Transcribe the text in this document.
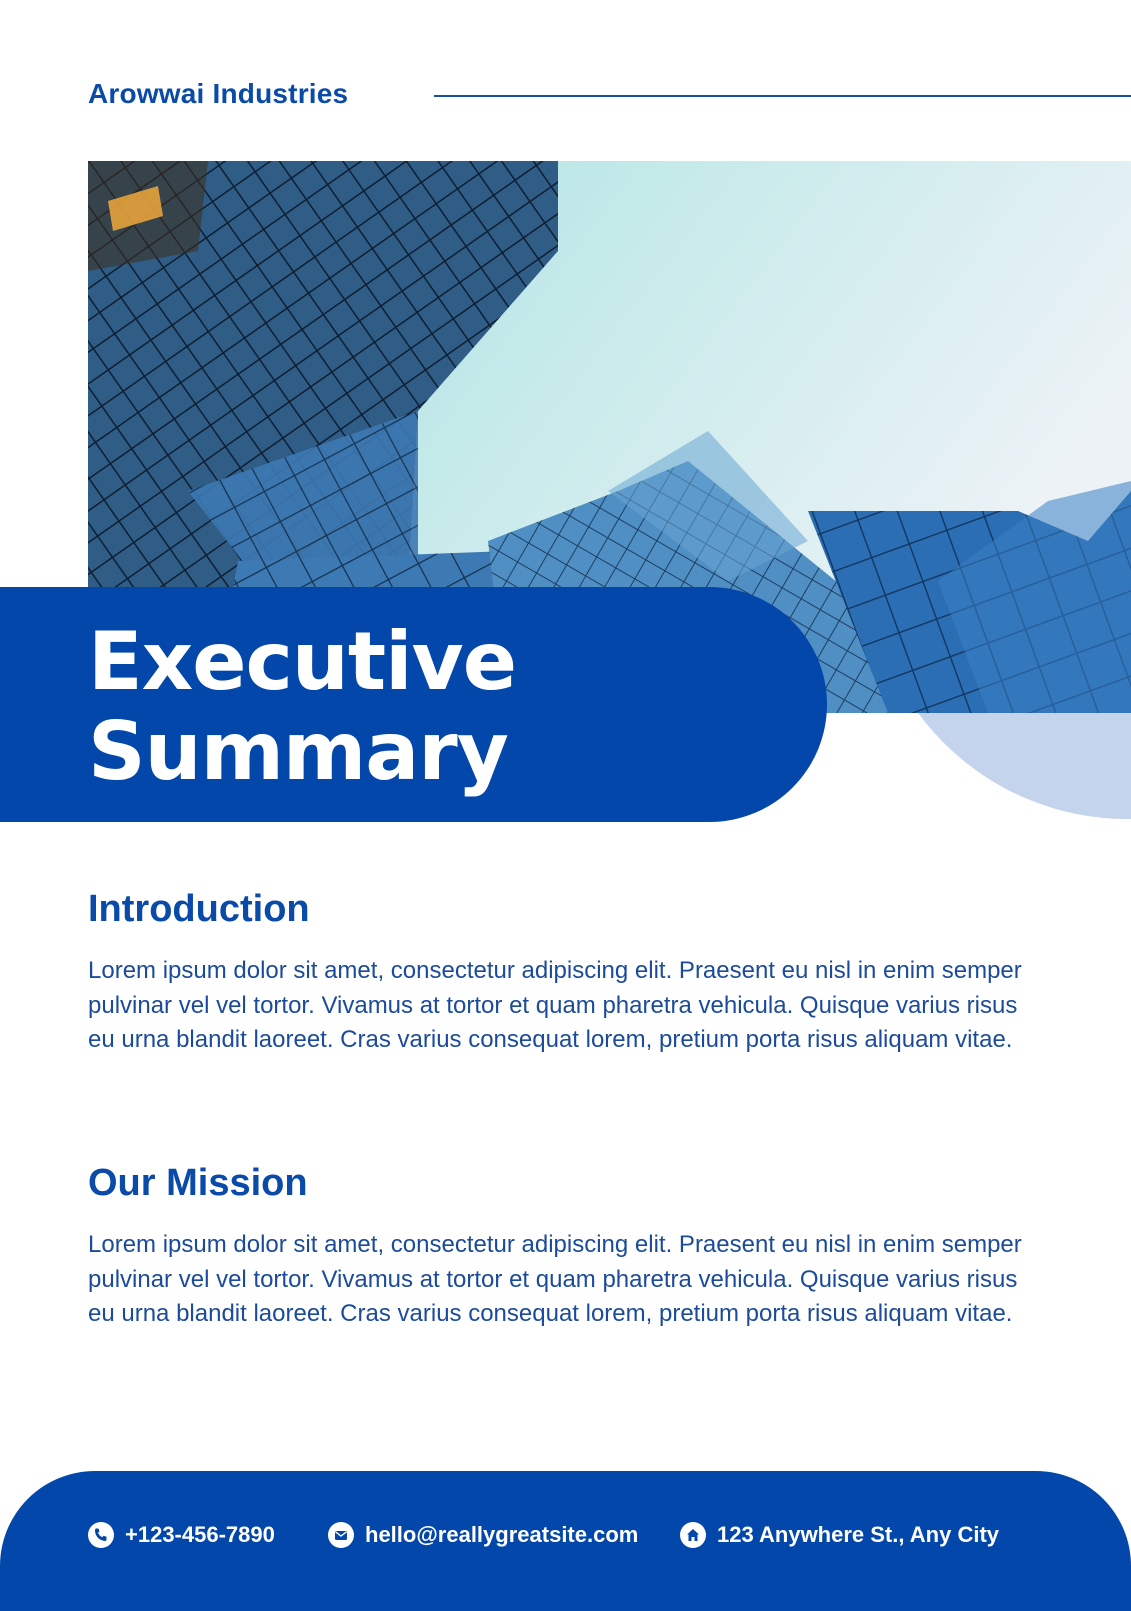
Arowwai Industries
Executive
Summary
Introduction

Lorem ipsum dolor sit amet, consectetur adipiscing elit. Praesent eu nisl in enim semper pulvinar vel vel tortor. Vivamus at tortor et quam pharetra vehicula. Quisque varius risus eu urna blandit laoreet. Cras varius consequat lorem, pretium porta risus aliquam vitae.

Our Mission

Lorem ipsum dolor sit amet, consectetur adipiscing elit. Praesent eu nisl in enim semper pulvinar vel vel tortor. Vivamus at tortor et quam pharetra vehicula. Quisque varius risus eu urna blandit laoreet. Cras varius consequat lorem, pretium porta risus aliquam vitae.

+123-456-7890	hello@reallygreatsite.com	123 Anywhere St., Any City
